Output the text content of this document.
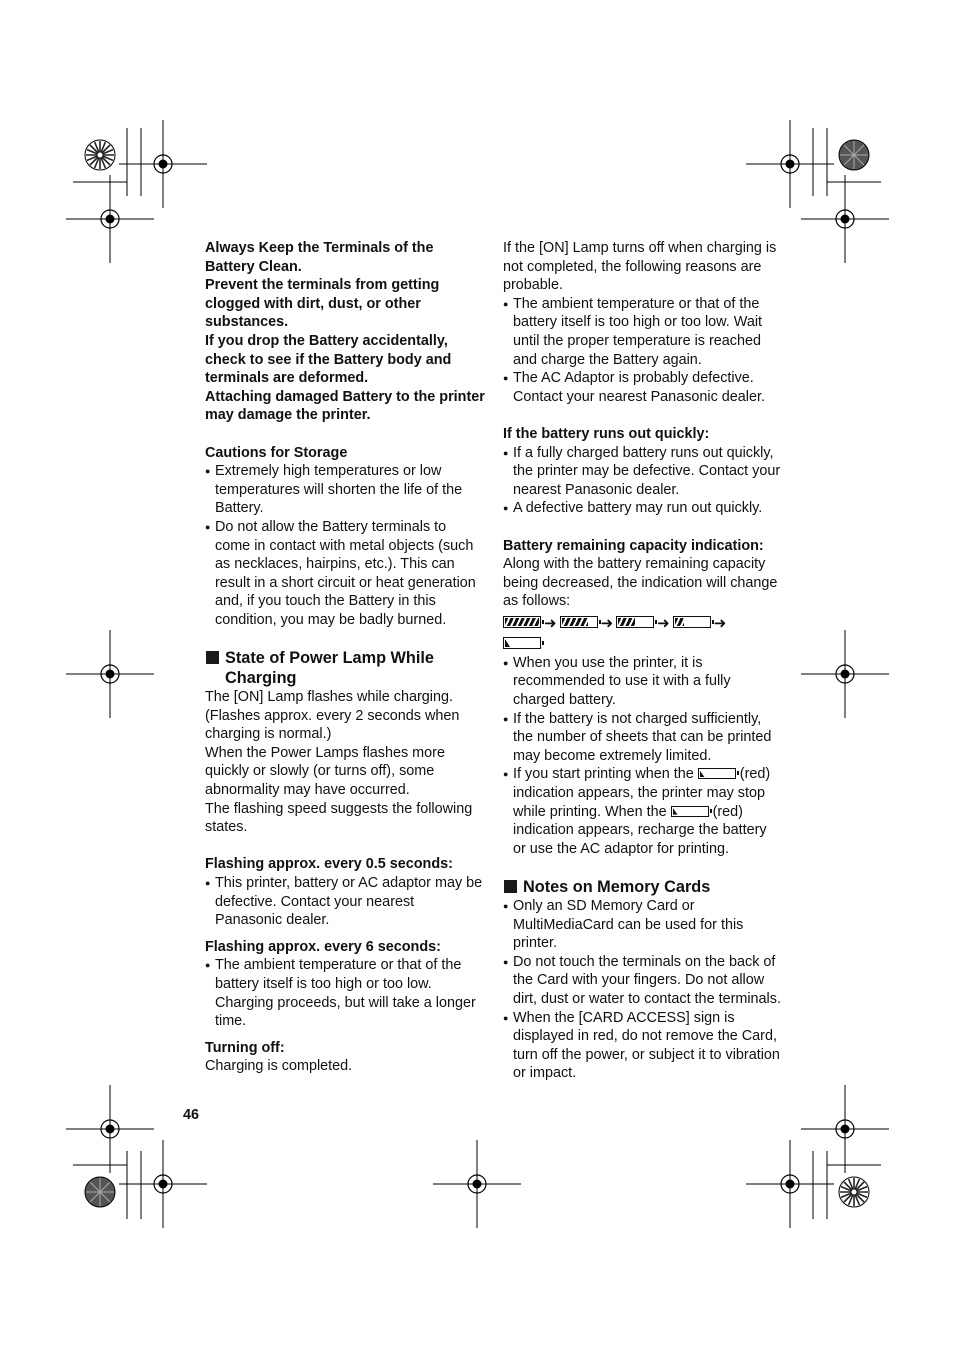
Always Keep the Terminals of the Battery Clean.

Prevent the terminals from getting clogged with dirt, dust, or other substances.

If you drop the Battery accidentally, check to see if the Battery body and terminals are deformed.

Attaching damaged Battery to the printer may damage the printer.

Cautions for Storage

● Extremely high temperatures or low temperatures will shorten the life of the Battery.

● Do not allow the Battery terminals to come in contact with metal objects (such as necklaces, hairpins, etc.). This can result in a short circuit or heat generation and, if you touch the Battery in this condition, you may be badly burned.

State of Power Lamp While Charging

The [ON] Lamp flashes while charging. (Flashes approx. every 2 seconds when charging is normal.)

When the Power Lamps flashes more quickly or slowly (or turns off), some abnormality may have occurred.

The flashing speed suggests the following states.

Flashing approx. every 0.5 seconds:

● This printer, battery or AC adaptor may be defective. Contact your nearest Panasonic dealer.

Flashing approx. every 6 seconds:

● The ambient temperature or that of the battery itself is too high or too low. Charging proceeds, but will take a longer time.

Turning off:

Charging is completed.

If the [ON] Lamp turns off when charging is not completed, the following reasons are probable.

● The ambient temperature or that of the battery itself is too high or too low. Wait until the proper temperature is reached and charge the Battery again.

● The AC Adaptor is probably defective. Contact your nearest Panasonic dealer.

If the battery runs out quickly:

● If a fully charged battery runs out quickly, the printer may be defective. Contact your nearest Panasonic dealer.

● A defective battery may run out quickly.

Battery remaining capacity indication:

Along with the battery remaining capacity being decreased, the indication will change as follows:

➜	➜	➜	➜

● When you use the printer, it is recommended to use it with a fully charged battery.

● If the battery is not charged sufficiently, the number of sheets that can be printed may become extremely limited.

● If you start printing when the	(red) indication appears, the printer may stop while printing. When the	(red) indication appears, recharge the battery or use the AC adaptor for printing.

Notes on Memory Cards

● Only an SD Memory Card or MultiMediaCard can be used for this printer.

● Do not touch the terminals on the back of the Card with your fingers. Do not allow dirt, dust or water to contact the terminals.

● When the [CARD ACCESS] sign is displayed in red, do not remove the Card, turn off the power, or subject it to vibration or impact.

46
